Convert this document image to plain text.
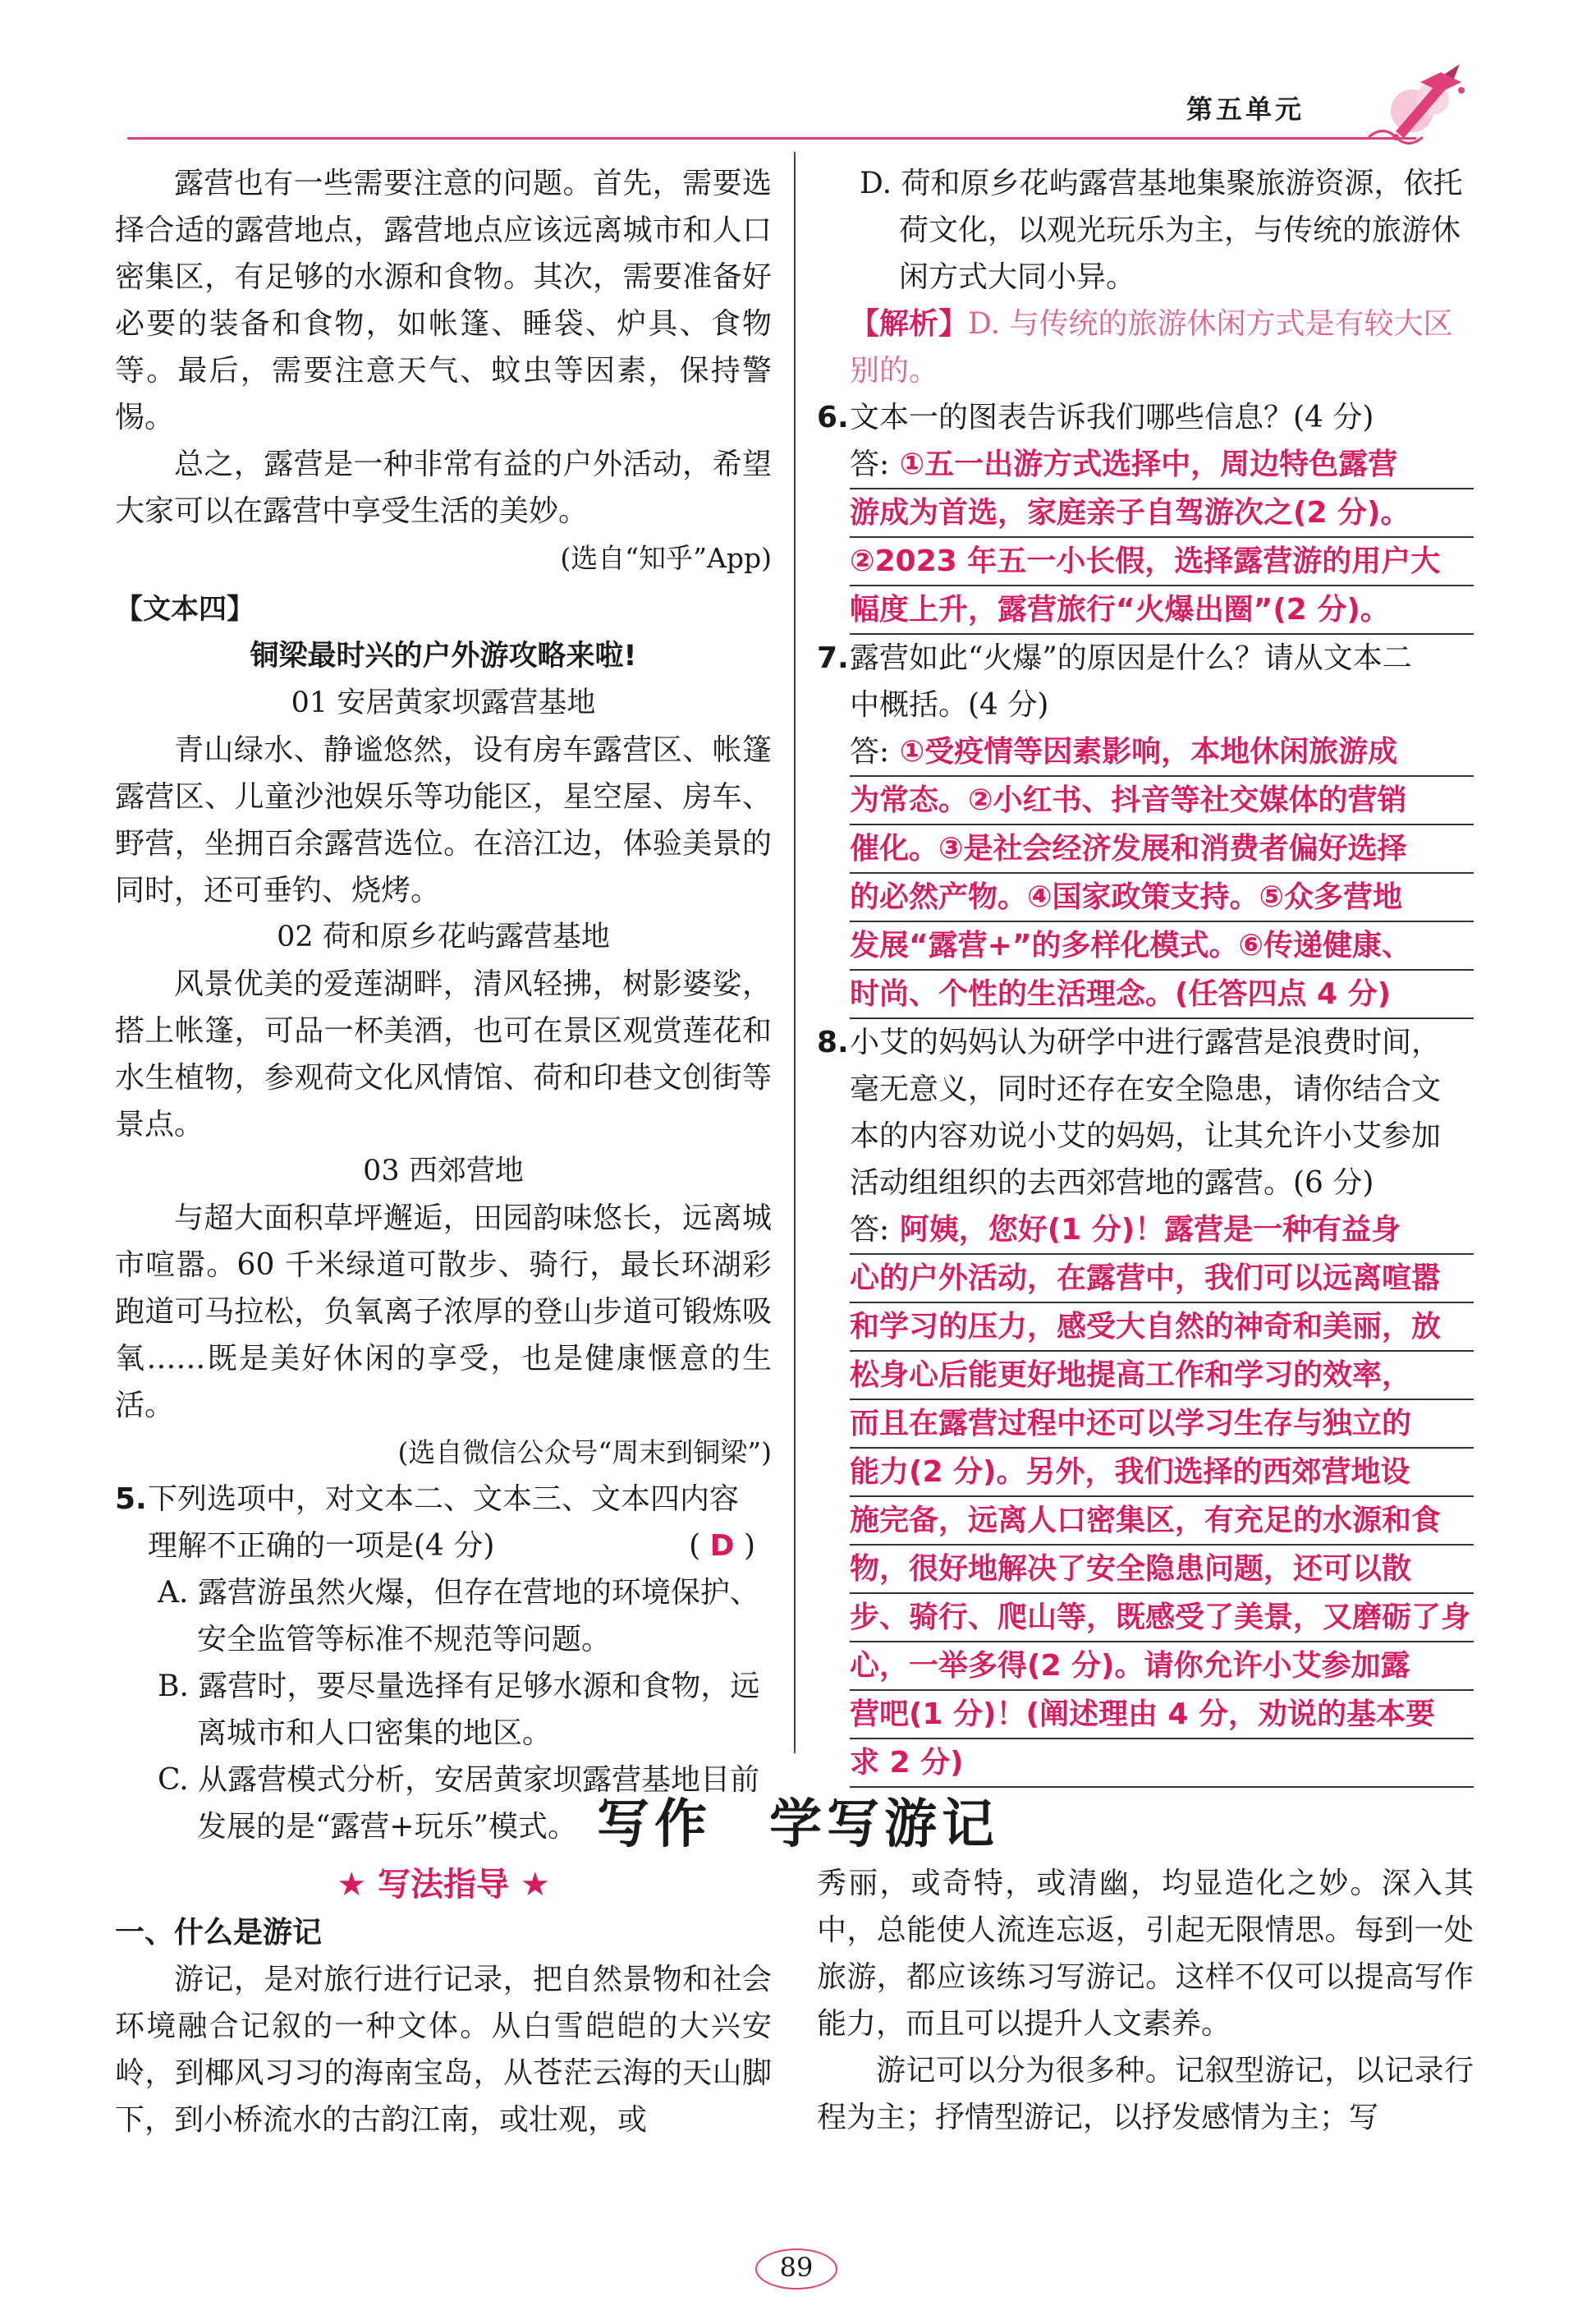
第五单元

露营也有一些需要注意的问题。首先，需要选择合适的露营地点，露营地点应该远离城市和人口密集区，有足够的水源和食物。其次，需要准备好必要的装备和食物，如帐篷、睡袋、炉具、食物等。最后，需要注意天气、蚊虫等因素，保持警惕。

总之，露营是一种非常有益的户外活动，希望大家可以在露营中享受生活的美妙。

(选自“知乎”App)

【文本四】

铜梁最时兴的户外游攻略来啦!

01 安居黄家坝露营基地

青山绿水、静谧悠然，设有房车露营区、帐篷露营区、儿童沙池娱乐等功能区，星空屋、房车、野营，坐拥百余露营选位。在涪江边，体验美景的同时，还可垂钓、烧烤。

02 荷和原乡花屿露营基地

风景优美的爱莲湖畔，清风轻拂，树影婆娑，搭上帐篷，可品一杯美酒，也可在景区观赏莲花和水生植物，参观荷文化风情馆、荷和印巷文创街等景点。

03 西郊营地

与超大面积草坪邂逅，田园韵味悠长，远离城市喧嚣。60 千米绿道可散步、骑行，最长环湖彩跑道可马拉松，负氧离子浓厚的登山步道可锻炼吸氧……既是美好休闲的享受，也是健康惬意的生活。

(选自微信公众号“周末到铜梁”)

5. 下列选项中，对文本二、文本三、文本四内容
理解不正确的一项是(4 分)	( D )

A. 露营游虽然火爆，但存在营地的环境保护、安全监管等标准不规范等问题。

B. 露营时，要尽量选择有足够水源和食物，远离城市和人口密集的地区。

C. 从露营模式分析，安居黄家坝露营基地目前发展的是“露营+玩乐”模式。

D. 荷和原乡花屿露营基地集聚旅游资源，依托荷文化，以观光玩乐为主，与传统的旅游休闲方式大同小异。

【解析】D. 与传统的旅游休闲方式是有较大区别的。

6. 文本一的图表告诉我们哪些信息？(4 分)
答: ①五一出游方式选择中，周边特色露营
游成为首选，家庭亲子自驾游次之(2 分)。
②2023 年五一小长假，选择露营游的用户大
幅度上升，露营旅行“火爆出圈”(2 分)。
7. 露营如此“火爆”的原因是什么？请从文本二
中概括。(4 分)
答: ①受疫情等因素影响，本地休闲旅游成
为常态。②小红书、抖音等社交媒体的营销
催化。③是社会经济发展和消费者偏好选择
的必然产物。④国家政策支持。⑤众多营地
发展“露营+”的多样化模式。⑥传递健康、
时尚、个性的生活理念。(任答四点 4 分)
8. 小艾的妈妈认为研学中进行露营是浪费时间，
毫无意义，同时还存在安全隐患，请你结合文
本的内容劝说小艾的妈妈，让其允许小艾参加
活动组组织的去西郊营地的露营。(6 分)
答: 阿姨，您好(1 分)！露营是一种有益身
心的户外活动，在露营中，我们可以远离喧嚣
和学习的压力，感受大自然的神奇和美丽，放
松身心后能更好地提高工作和学习的效率，
而且在露营过程中还可以学习生存与独立的
能力(2 分)。另外，我们选择的西郊营地设
施完备，远离人口密集区，有充足的水源和食
物，很好地解决了安全隐患问题，还可以散
步、骑行、爬山等，既感受了美景，又磨砺了身
心，一举多得(2 分)。请你允许小艾参加露
营吧(1 分)！(阐述理由 4 分，劝说的基本要
求 2 分)
写作　学写游记

★ 写法指导 ★

一、什么是游记

游记，是对旅行进行记录，把自然景物和社会环境融合记叙的一种文体。从白雪皑皑的大兴安岭，到椰风习习的海南宝岛，从苍茫云海的天山脚下，到小桥流水的古韵江南，或壮观，或

秀丽，或奇特，或清幽，均显造化之妙。深入其中，总能使人流连忘返，引起无限情思。每到一处旅游，都应该练习写游记。这样不仅可以提高写作能力，而且可以提升人文素养。

游记可以分为很多种。记叙型游记，以记录行程为主；抒情型游记，以抒发感情为主；写

89
